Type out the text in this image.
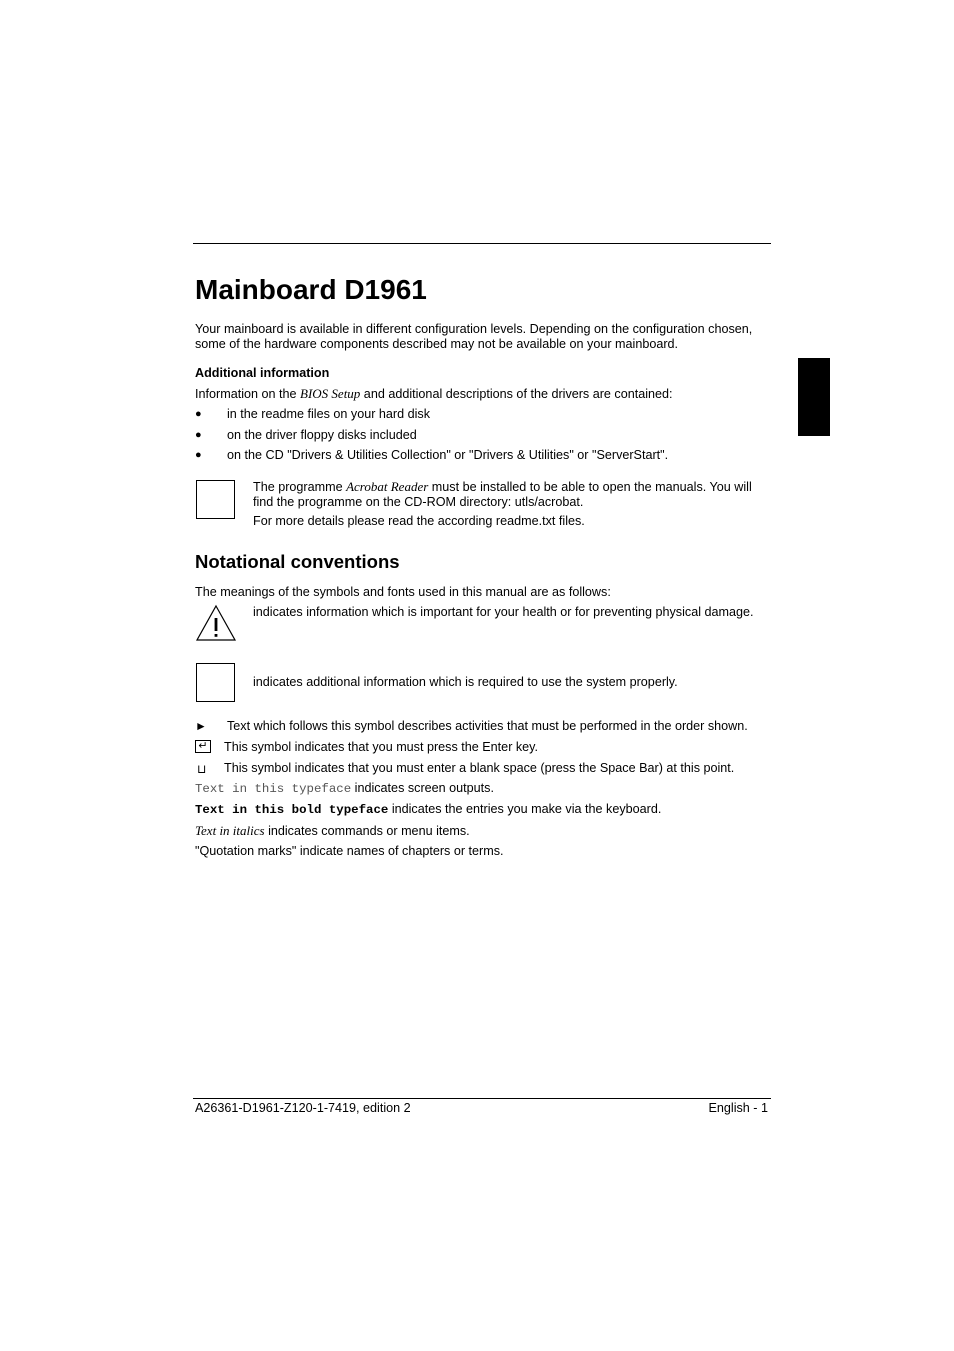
Mainboard D1961
Your mainboard is available in different configuration levels. Depending on the configuration chosen, some of the hardware components described may not be available on your mainboard.
Additional information
Information on the BIOS Setup and additional descriptions of the drivers are contained:
● in the readme files on your hard disk
● on the driver floppy disks included
● on the CD "Drivers & Utilities Collection" or "Drivers & Utilities" or "ServerStart".
The programme Acrobat Reader must be installed to be able to open the manuals. You will find the programme on the CD-ROM directory: utls/acrobat.
For more details please read the according readme.txt files.
Notational conventions
The meanings of the symbols and fonts used in this manual are as follows:
indicates information which is important for your health or for preventing physical damage.
indicates additional information which is required to use the system properly.
► Text which follows this symbol describes activities that must be performed in the order shown.
↵ This symbol indicates that you must press the Enter key.
⊔ This symbol indicates that you must enter a blank space (press the Space Bar) at this point.
Text in this typeface indicates screen outputs.
Text in this bold typeface indicates the entries you make via the keyboard.
Text in italics indicates commands or menu items.
"Quotation marks" indicate names of chapters or terms.
A26361-D1961-Z120-1-7419, edition 2	English - 1
